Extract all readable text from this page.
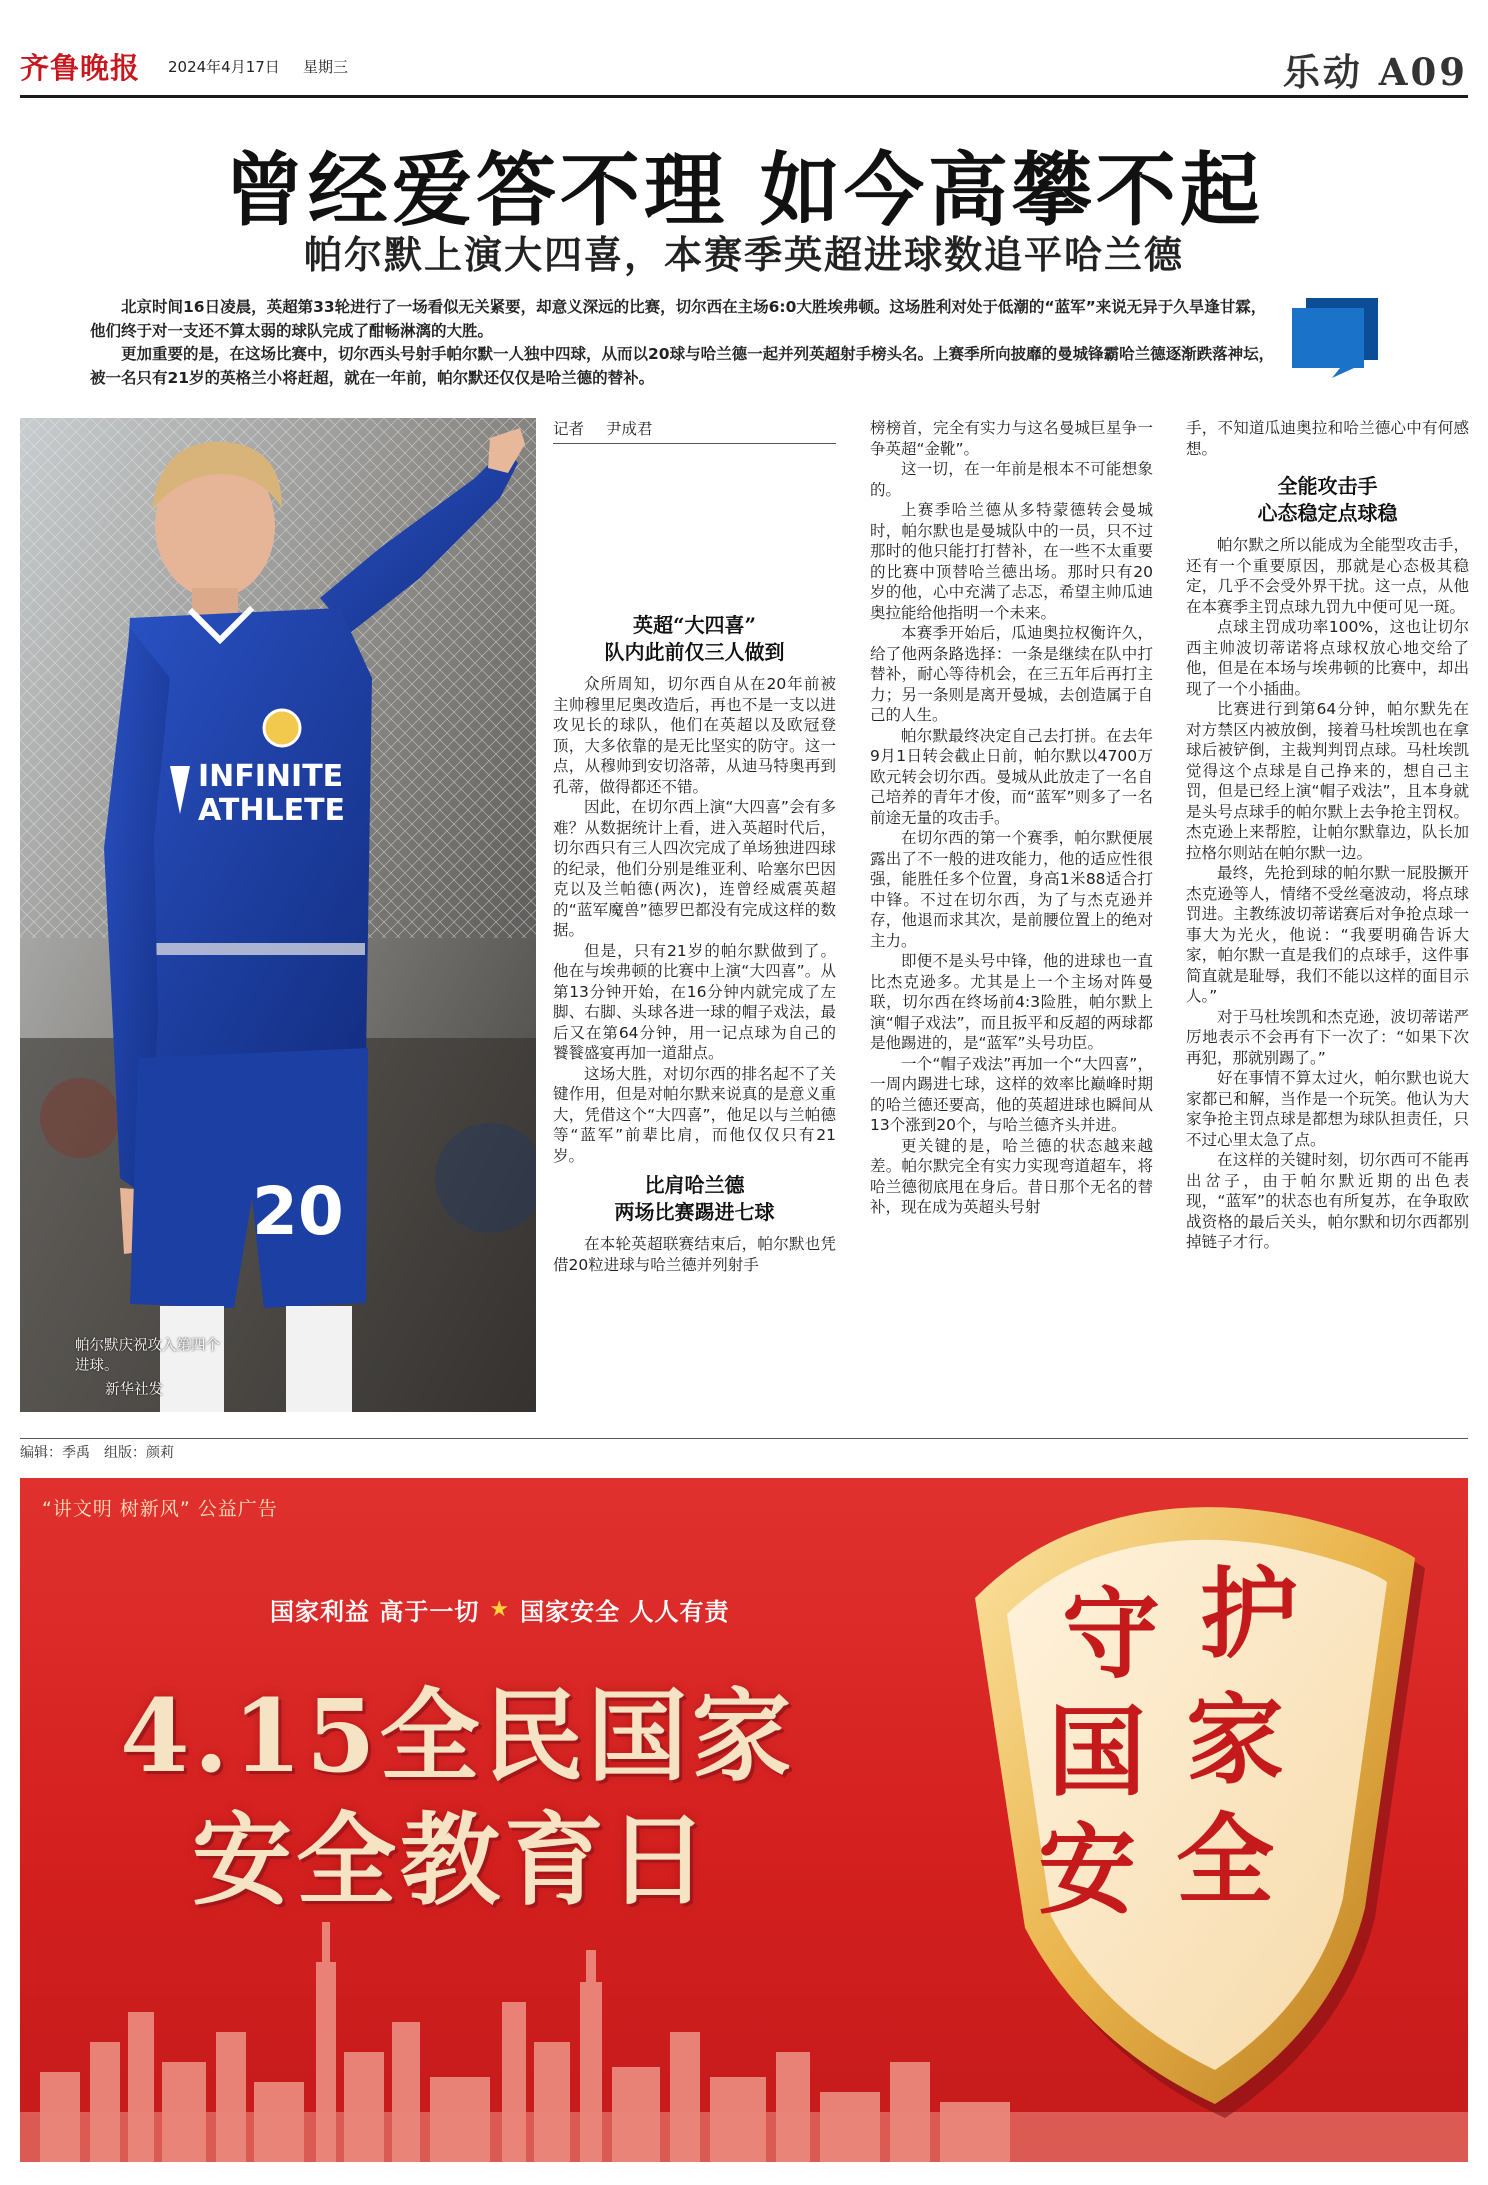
齐鲁晚报 2024年4月17日 星期三	乐动 A09
曾经爱答不理 如今高攀不起
帕尔默上演大四喜，本赛季英超进球数追平哈兰德

北京时间16日凌晨，英超第33轮进行了一场看似无关紧要，却意义深远的比赛，切尔西在主场6:0大胜埃弗顿。这场胜利对处于低潮的“蓝军”来说无异于久旱逢甘霖，他们终于对一支还不算太弱的球队完成了酣畅淋漓的大胜。

更加重要的是，在这场比赛中，切尔西头号射手帕尔默一人独中四球，从而以20球与哈兰德一起并列英超射手榜头名。上赛季所向披靡的曼城锋霸哈兰德逐渐跌落神坛，被一名只有21岁的英格兰小将赶超，就在一年前，帕尔默还仅仅是哈兰德的替补。

INFINITE
ATHLETE
20
帕尔默庆祝攻入第四个进球。
新华社发
记者 尹成君
英超“大四喜”
队内此前仅三人做到

众所周知，切尔西自从在20年前被主帅穆里尼奥改造后，再也不是一支以进攻见长的球队，他们在英超以及欧冠登顶，大多依靠的是无比坚实的防守。这一点，从穆帅到安切洛蒂，从迪马特奥再到孔蒂，做得都还不错。

因此，在切尔西上演“大四喜”会有多难？从数据统计上看，进入英超时代后，切尔西只有三人四次完成了单场独进四球的纪录，他们分别是维亚利、哈塞尔巴因克以及兰帕德(两次)，连曾经威震英超的“蓝军魔兽”德罗巴都没有完成这样的数据。

但是，只有21岁的帕尔默做到了。他在与埃弗顿的比赛中上演“大四喜”。从第13分钟开始，在16分钟内就完成了左脚、右脚、头球各进一球的帽子戏法，最后又在第64分钟，用一记点球为自己的饕餮盛宴再加一道甜点。

这场大胜，对切尔西的排名起不了关键作用，但是对帕尔默来说真的是意义重大，凭借这个“大四喜”，他足以与兰帕德等“蓝军”前辈比肩，而他仅仅只有21岁。

比肩哈兰德
两场比赛踢进七球

在本轮英超联赛结束后，帕尔默也凭借20粒进球与哈兰德并列射手

榜榜首，完全有实力与这名曼城巨星争一争英超“金靴”。

这一切，在一年前是根本不可能想象的。

上赛季哈兰德从多特蒙德转会曼城时，帕尔默也是曼城队中的一员，只不过那时的他只能打打替补，在一些不太重要的比赛中顶替哈兰德出场。那时只有20岁的他，心中充满了忐忑，希望主帅瓜迪奥拉能给他指明一个未来。

本赛季开始后，瓜迪奥拉权衡许久，给了他两条路选择：一条是继续在队中打替补，耐心等待机会，在三五年后再打主力；另一条则是离开曼城，去创造属于自己的人生。

帕尔默最终决定自己去打拼。在去年9月1日转会截止日前，帕尔默以4700万欧元转会切尔西。曼城从此放走了一名自己培养的青年才俊，而“蓝军”则多了一名前途无量的攻击手。

在切尔西的第一个赛季，帕尔默便展露出了不一般的进攻能力，他的适应性很强，能胜任多个位置，身高1米88适合打中锋。不过在切尔西，为了与杰克逊并存，他退而求其次，是前腰位置上的绝对主力。

即便不是头号中锋，他的进球也一直比杰克逊多。尤其是上一个主场对阵曼联，切尔西在终场前4:3险胜，帕尔默上演“帽子戏法”，而且扳平和反超的两球都是他踢进的，是“蓝军”头号功臣。

一个“帽子戏法”再加一个“大四喜”，一周内踢进七球，这样的效率比巅峰时期的哈兰德还要高，他的英超进球也瞬间从13个涨到20个，与哈兰德齐头并进。

更关键的是，哈兰德的状态越来越差。帕尔默完全有实力实现弯道超车，将哈兰德彻底甩在身后。昔日那个无名的替补，现在成为英超头号射

手，不知道瓜迪奥拉和哈兰德心中有何感想。

全能攻击手
心态稳定点球稳

帕尔默之所以能成为全能型攻击手，还有一个重要原因，那就是心态极其稳定，几乎不会受外界干扰。这一点，从他在本赛季主罚点球九罚九中便可见一斑。

点球主罚成功率100%，这也让切尔西主帅波切蒂诺将点球权放心地交给了他，但是在本场与埃弗顿的比赛中，却出现了一个小插曲。

比赛进行到第64分钟，帕尔默先在对方禁区内被放倒，接着马杜埃凯也在拿球后被铲倒，主裁判判罚点球。马杜埃凯觉得这个点球是自己挣来的，想自己主罚，但是已经上演“帽子戏法”，且本身就是头号点球手的帕尔默上去争抢主罚权。杰克逊上来帮腔，让帕尔默靠边，队长加拉格尔则站在帕尔默一边。

最终，先抢到球的帕尔默一屁股撅开杰克逊等人，情绪不受丝毫波动，将点球罚进。主教练波切蒂诺赛后对争抢点球一事大为光火，他说：“我要明确告诉大家，帕尔默一直是我们的点球手，这件事简直就是耻辱，我们不能以这样的面目示人。”

对于马杜埃凯和杰克逊，波切蒂诺严厉地表示不会再有下一次了：“如果下次再犯，那就别踢了。”

好在事情不算太过火，帕尔默也说大家都已和解，当作是一个玩笑。他认为大家争抢主罚点球是都想为球队担责任，只不过心里太急了点。

在这样的关键时刻，切尔西可不能再出岔子，由于帕尔默近期的出色表现，“蓝军”的状态也有所复苏，在争取欧战资格的最后关头，帕尔默和切尔西都别掉链子才行。

编辑：季禹 组版：颜莉
“讲文明 树新风” 公益广告
国家利益 高于一切 ★ 国家安全 人人有责
4.15全民国家
安全教育日
守 护
国 家
安 全
